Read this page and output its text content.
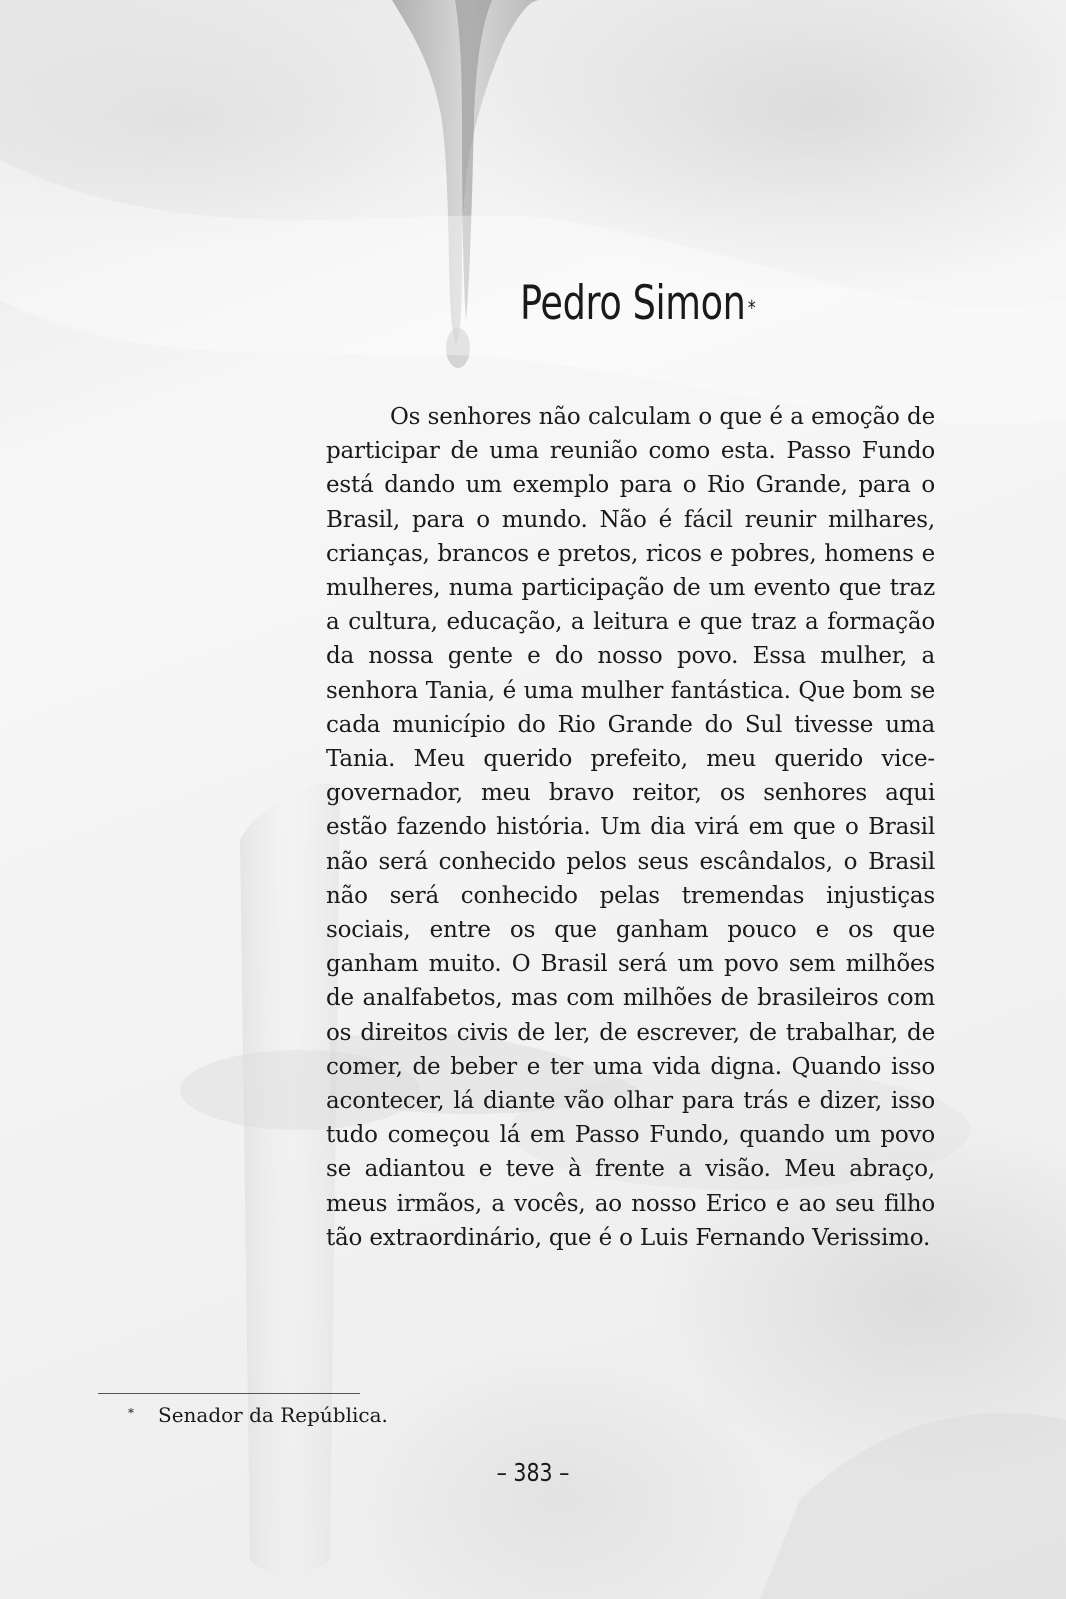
Pedro Simon *

Os senhores não calculam o que é a emoção de participar de uma reunião como esta. Passo Fundo está dando um exemplo para o Rio Grande, para o Brasil, para o mundo. Não é fácil reunir milhares, crianças, brancos e pretos, ricos e pobres, homens e mulheres, numa participação de um evento que traz a cultura, educação, a leitura e que traz a formação da nossa gente e do nosso povo. Essa mulher, a senhora Tania, é uma mulher fantástica. Que bom se cada município do Rio Grande do Sul tivesse uma Tania. Meu querido prefeito, meu querido vice-governador, meu bravo reitor, os senhores aqui estão fazendo história. Um dia virá em que o Brasil não será conhecido pelos seus escândalos, o Brasil não será conhecido pelas tremendas injustiças sociais, entre os que ganham pouco e os que ganham muito. O Brasil será um povo sem milhões de analfabetos, mas com milhões de brasileiros com os direitos civis de ler, de escrever, de trabalhar, de comer, de beber e ter uma vida digna. Quando isso acontecer, lá diante vão olhar para trás e dizer, isso tudo começou lá em Passo Fundo, quando um povo se adiantou e teve à frente a visão. Meu abraço, meus irmãos, a vocês, ao nosso Erico e ao seu filho tão extraordinário, que é o Luis Fernando Verissimo.

* Senador da República.
– 383 –
